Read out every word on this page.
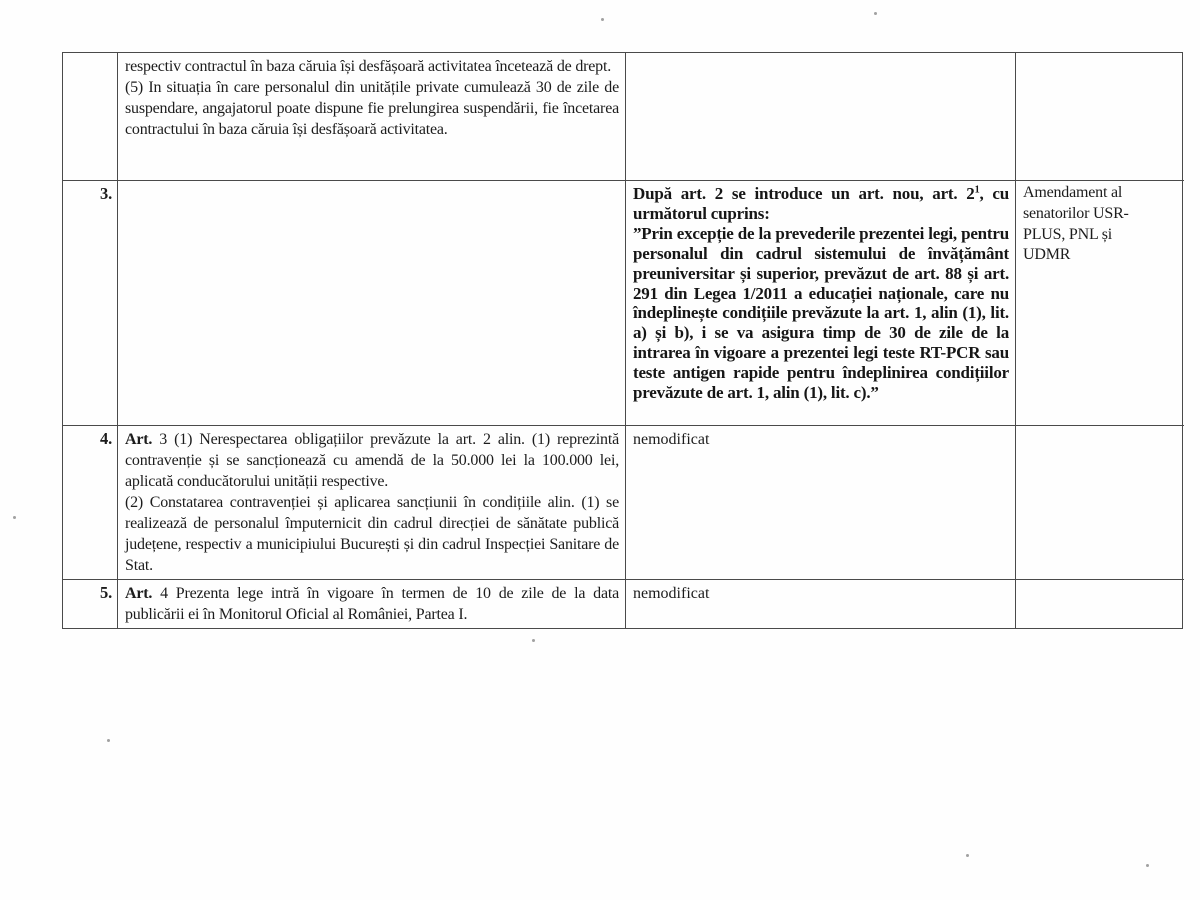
respectiv contractul în baza căruia își desfășoară activitatea încetează de drept.

(5) In situația în care personalul din unitățile private cumulează 30 de zile de suspendare, angajatorul poate dispune fie prelungirea suspendării, fie încetarea contractului în baza căruia își desfășoară activitatea.

3.	După art. 2 se introduce un art. nou, art. 2$^1$, cu următorul cuprins:

”Prin excepție de la prevederile prezentei legi, pentru personalul din cadrul sistemului de învățământ preuniversitar și superior, prevăzut de art. 88 și art. 291 din Legea 1/2011 a educației naționale, care nu îndeplinește condițiile prevăzute la art. 1, alin (1), lit. a) și b), i se va asigura timp de 30 de zile de la intrarea în vigoare a prezentei legi teste RT-PCR sau teste antigen rapide pentru îndeplinirea condițiilor prevăzute de art. 1, alin (1), lit. c).”

Amendament al senatorilor USR-PLUS, PNL și UDMR

4. Art. 3 (1) Nerespectarea obligațiilor prevăzute la art. 2 alin. (1) reprezintă contravenție și se sancționează cu amendă de la 50.000 lei la 100.000 lei, aplicată conducătorului unității respective.

(2) Constatarea contravenției și aplicarea sancțiunii în condițiile alin. (1) se realizează de personalul împuternicit din cadrul direcției de sănătate publică județene, respectiv a municipiului București și din cadrul Inspecției Sanitare de Stat.

nemodificat

5. Art. 4 Prezenta lege intră în vigoare în termen de 10 de zile de la data publicării ei în Monitorul Oficial al României, Partea I.

nemodificat
